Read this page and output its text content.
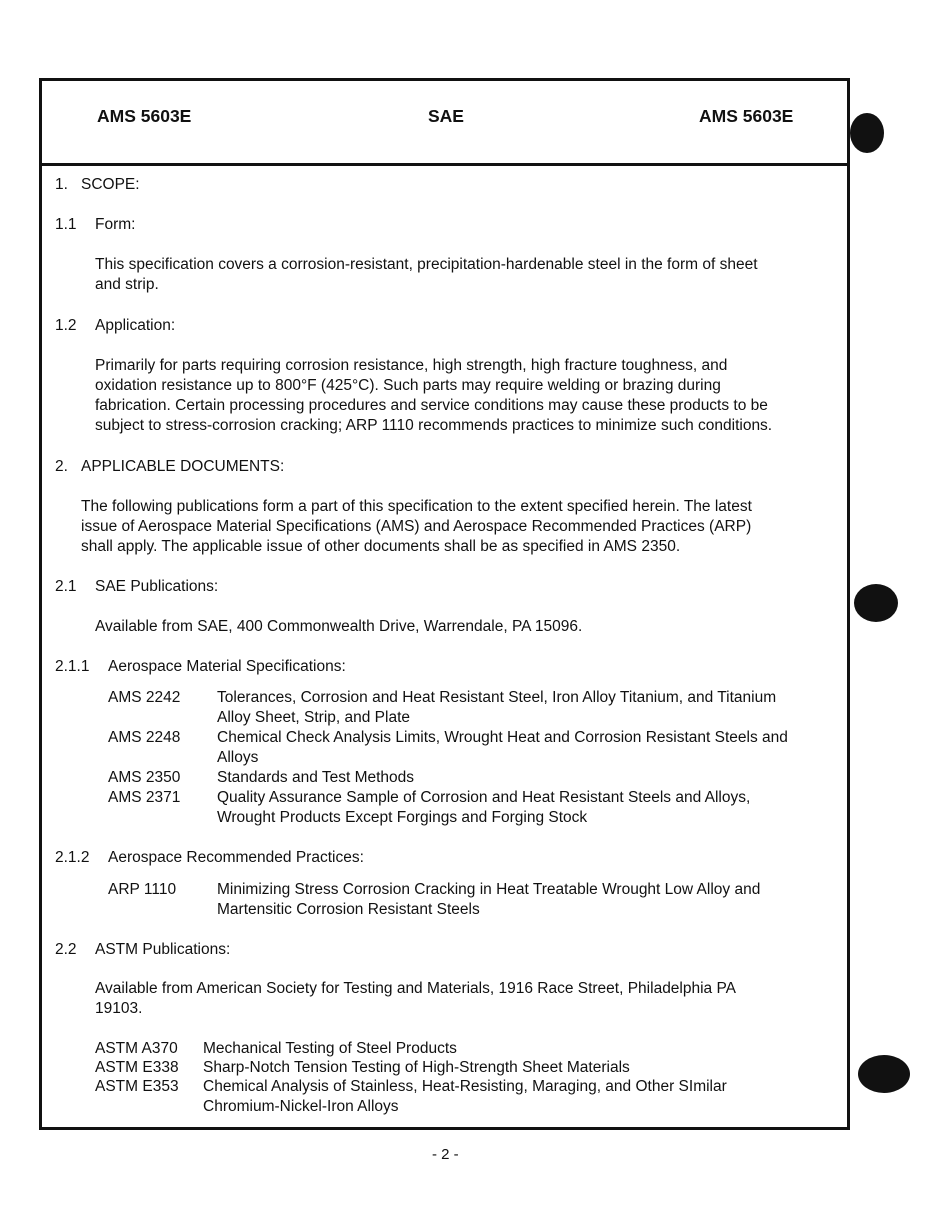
AMS 5603E	SAE	AMS 5603E
1. SCOPE:
1.1 Form:
This specification covers a corrosion-resistant, precipitation-hardenable steel in the form of sheet
and strip.
1.2 Application:
Primarily for parts requiring corrosion resistance, high strength, high fracture toughness, and
oxidation resistance up to 800°F (425°C). Such parts may require welding or brazing during
fabrication. Certain processing procedures and service conditions may cause these products to be
subject to stress-corrosion cracking; ARP 1110 recommends practices to minimize such conditions.
2. APPLICABLE DOCUMENTS:
The following publications form a part of this specification to the extent specified herein. The latest
issue of Aerospace Material Specifications (AMS) and Aerospace Recommended Practices (ARP)
shall apply. The applicable issue of other documents shall be as specified in AMS 2350.
2.1 SAE Publications:
Available from SAE, 400 Commonwealth Drive, Warrendale, PA 15096.
2.1.1 Aerospace Material Specifications:
AMS 2242 Tolerances, Corrosion and Heat Resistant Steel, Iron Alloy Titanium, and Titanium
Alloy Sheet, Strip, and Plate
AMS 2248 Chemical Check Analysis Limits, Wrought Heat and Corrosion Resistant Steels and
Alloys
AMS 2350 Standards and Test Methods
AMS 2371 Quality Assurance Sample of Corrosion and Heat Resistant Steels and Alloys,
Wrought Products Except Forgings and Forging Stock
2.1.2 Aerospace Recommended Practices:
ARP 1110	Minimizing Stress Corrosion Cracking in Heat Treatable Wrought Low Alloy and
Martensitic Corrosion Resistant Steels
2.2 ASTM Publications:
Available from American Society for Testing and Materials, 1916 Race Street, Philadelphia PA
19103.
ASTM A370 Mechanical Testing of Steel Products
ASTM E338 Sharp-Notch Tension Testing of High-Strength Sheet Materials
ASTM E353 Chemical Analysis of Stainless, Heat-Resisting, Maraging, and Other SImilar
Chromium-Nickel-Iron Alloys
- 2 -
